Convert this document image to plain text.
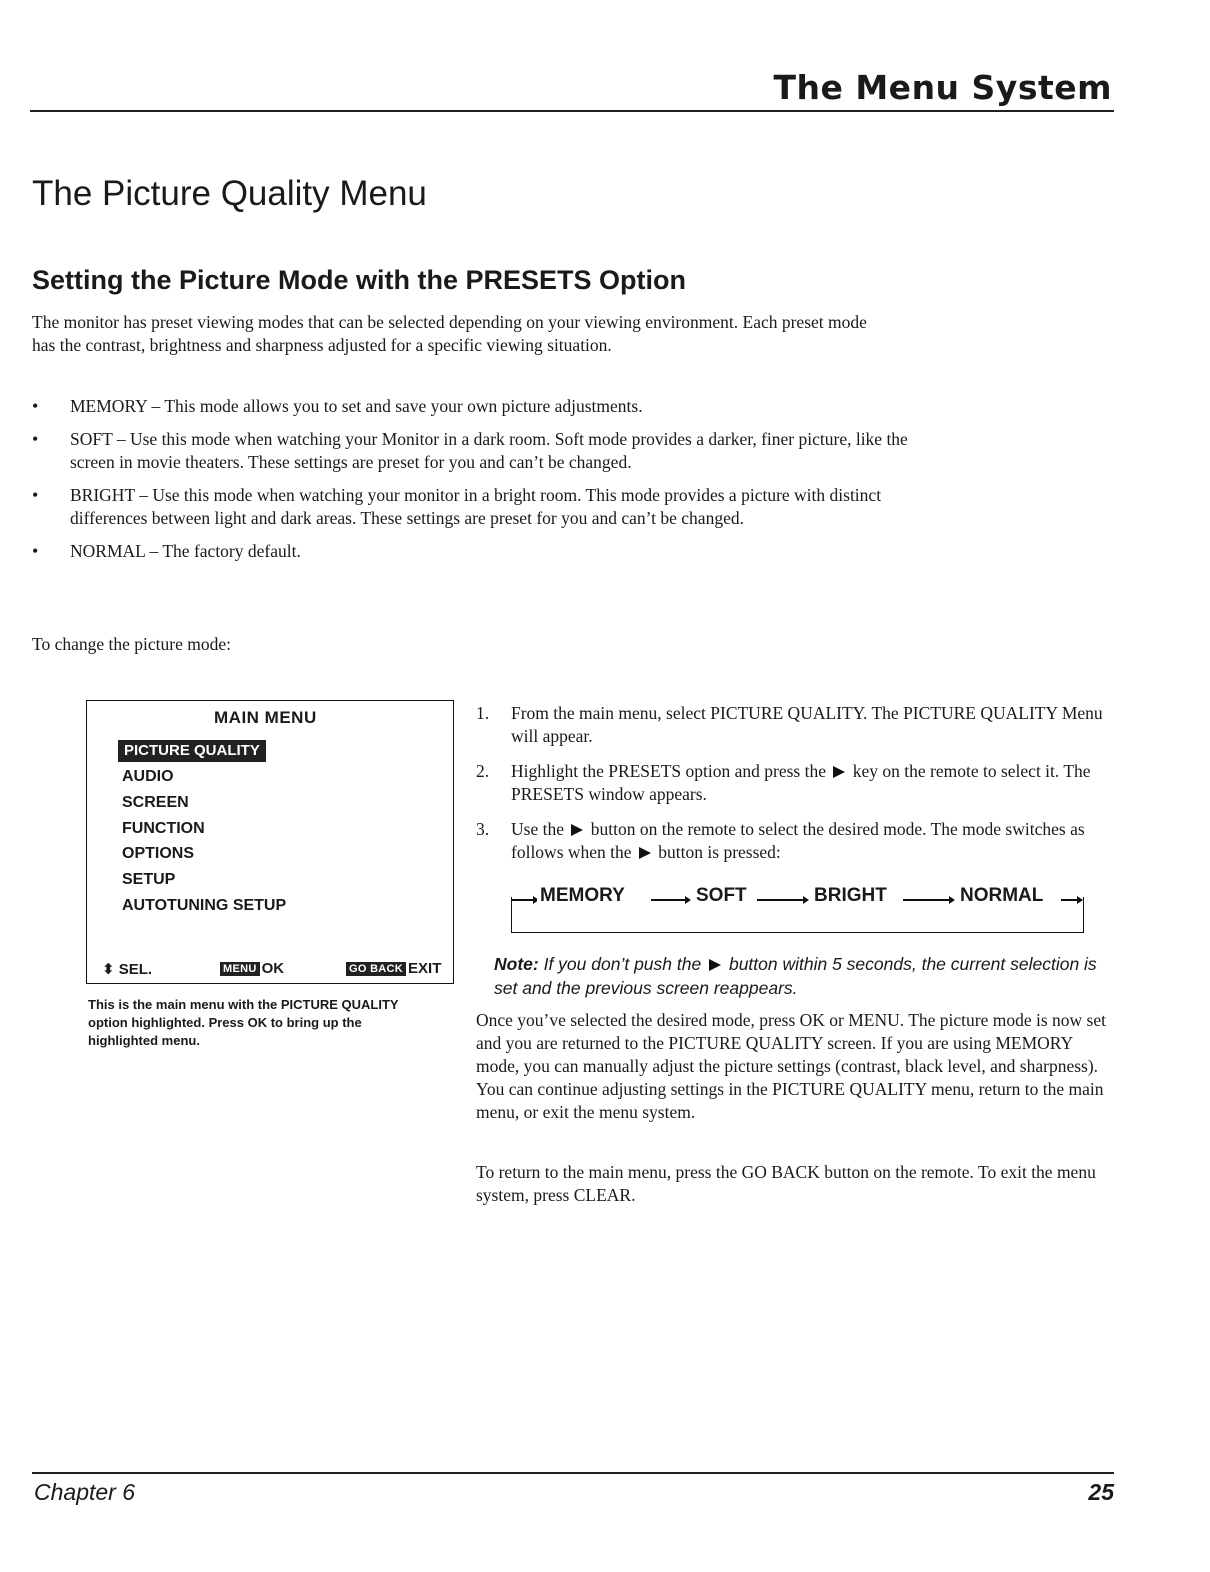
The Menu System
The Picture Quality Menu
Setting the Picture Mode with the PRESETS Option
The monitor has preset viewing modes that can be selected depending on your viewing environment. Each preset mode has the contrast, brightness and sharpness adjusted for a specific viewing situation.
• MEMORY – This mode allows you to set and save your own picture adjustments.
• SOFT – Use this mode when watching your Monitor in a dark room. Soft mode provides a darker, finer picture, like the screen in movie theaters. These settings are preset for you and can’t be changed.
• BRIGHT – Use this mode when watching your monitor in a bright room. This mode provides a picture with distinct differences between light and dark areas. These settings are preset for you and can’t be changed.
• NORMAL – The factory default.
To change the picture mode:
MAIN MENU
PICTURE QUALITY
AUDIO
SCREEN
FUNCTION
OPTIONS
SETUP
AUTOTUNING SETUP
⬍ SEL.	MENU OK	GO BACK EXIT
This is the main menu with the PICTURE QUALITY option highlighted. Press OK to bring up the highlighted menu.
1. From the main menu, select PICTURE QUALITY. The PICTURE QUALITY Menu will appear.
2. Highlight the PRESETS option and press the key on the remote to select it. The PRESETS window appears.
3. Use the button on the remote to select the desired mode. The mode switches as follows when the button is pressed:
MEMORY	SOFT	BRIGHT	NORMAL
Note: If you don’t push the button within 5 seconds, the current selection is set and the previous screen reappears.
Once you’ve selected the desired mode, press OK or MENU. The picture mode is now set and you are returned to the PICTURE QUALITY screen. If you are using MEMORY mode, you can manually adjust the picture settings (contrast, black level, and sharpness). You can continue adjusting settings in the PICTURE QUALITY menu, return to the main menu, or exit the menu system.
To return to the main menu, press the GO BACK button on the remote. To exit the menu system, press CLEAR.
Chapter 6	25
